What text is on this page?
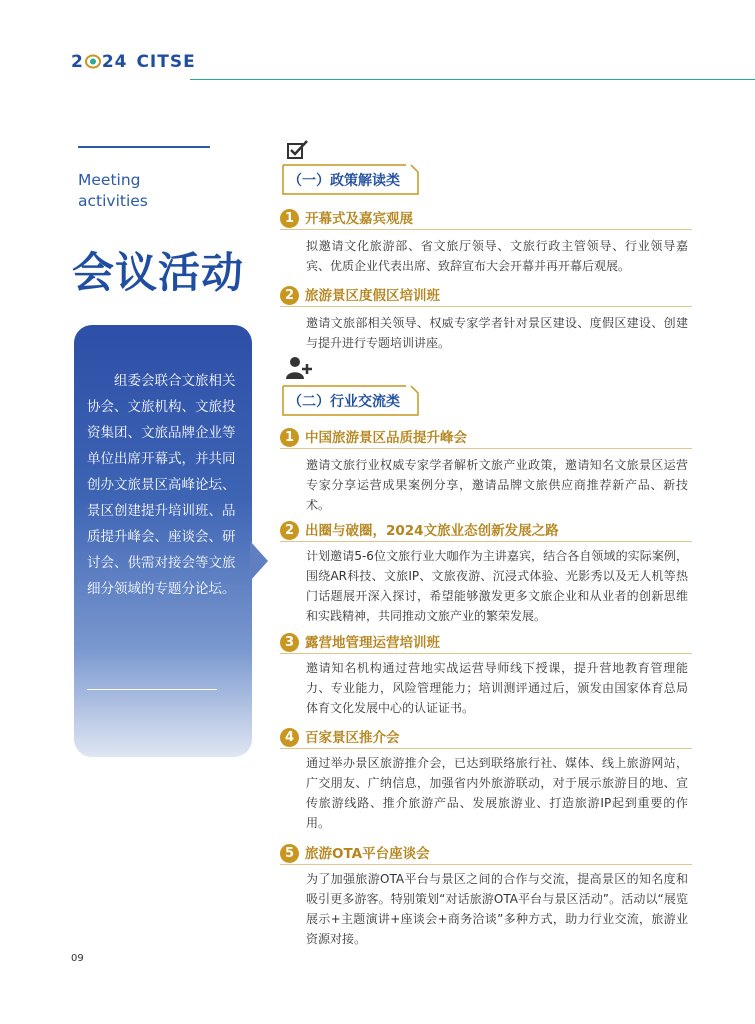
2 24 CITSE
Meeting
activities
会议活动
组委会联合文旅相关协会、文旅机构、文旅投资集团、文旅品牌企业等单位出席开幕式，并共同创办文旅景区高峰论坛、景区创建提升培训班、品质提升峰会、座谈会、研讨会、供需对接会等文旅细分领域的专题分论坛。
（一）政策解读类
1 开幕式及嘉宾观展
拟邀请文化旅游部、省文旅厅领导、文旅行政主管领导、行业领导嘉宾、优质企业代表出席、致辞宣布大会开幕并再开幕后观展。
2 旅游景区度假区培训班
邀请文旅部相关领导、权威专家学者针对景区建设、度假区建设、创建与提升进行专题培训讲座。
（二）行业交流类
1 中国旅游景区品质提升峰会
邀请文旅行业权威专家学者解析文旅产业政策，邀请知名文旅景区运营专家分享运营成果案例分享，邀请品牌文旅供应商推荐新产品、新技术。
2 出圈与破圈，2024文旅业态创新发展之路
计划邀请5-6位文旅行业大咖作为主讲嘉宾，结合各自领域的实际案例，围绕AR科技、文旅IP、文旅夜游、沉浸式体验、光影秀以及无人机等热门话题展开深入探讨，希望能够激发更多文旅企业和从业者的创新思维和实践精神，共同推动文旅产业的繁荣发展。
3 露营地管理运营培训班
邀请知名机构通过营地实战运营导师线下授课，提升营地教育管理能力、专业能力，风险管理能力；培训测评通过后，颁发由国家体育总局体育文化发展中心的认证证书。
4 百家景区推介会
通过举办景区旅游推介会，已达到联络旅行社、媒体、线上旅游网站，广交朋友、广纳信息，加强省内外旅游联动，对于展示旅游目的地、宣传旅游线路、推介旅游产品、发展旅游业、打造旅游IP起到重要的作用。
5 旅游OTA平台座谈会
为了加强旅游OTA平台与景区之间的合作与交流，提高景区的知名度和吸引更多游客。特别策划“对话旅游OTA平台与景区活动”。活动以“展览展示+主题演讲+座谈会+商务洽谈”多种方式，助力行业交流，旅游业资源对接。
09
